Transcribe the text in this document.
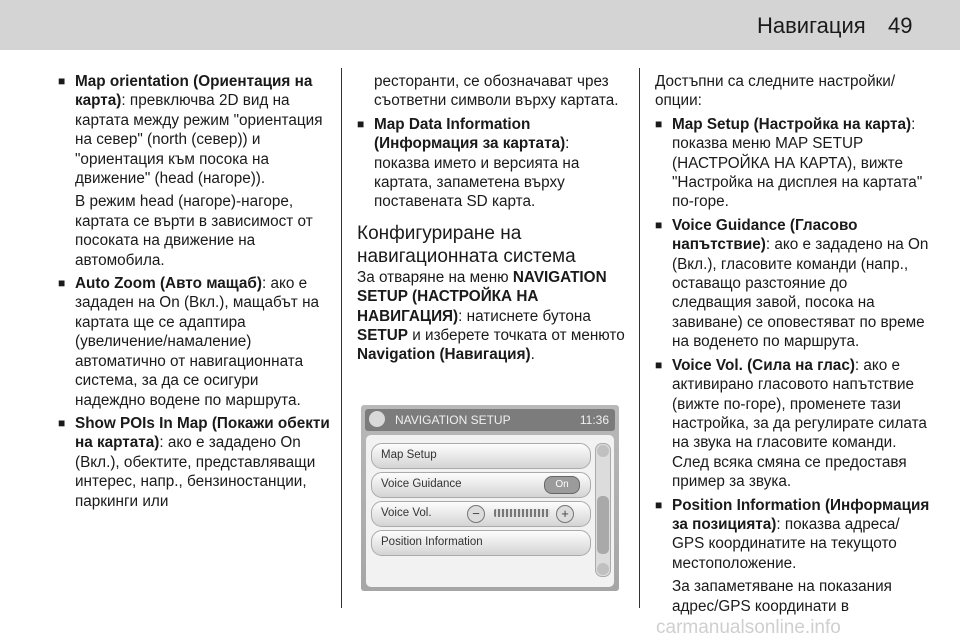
Навигация 49

■ Map orientation (Ориентация на карта): превключва 2D вид на картата между режим "ориентация на север" (north (север)) и "ориентация към посока на движение" (head (нагоре)).

В режим head (нагоре)-нагоре, картата се върти в зависимост от посоката на движение на автомобила.

■ Auto Zoom (Авто мащаб): ако е зададен на On (Вкл.), мащабът на картата ще се адаптира (увеличение/намаление) автоматично от навигационната система, за да се осигури надеждно водене по маршрута.

■ Show POIs In Map (Покажи обекти на картата): ако е зададено On (Вкл.), обектите, представляващи интерес, напр., бензиностанции, паркинги или

ресторанти, се обозначават чрез съответни символи върху картата.

■ Map Data Information (Информация за картата): показва името и версията на картата, запаметена върху поставената SD карта.

Конфигуриране на навигационната система

За отваряне на меню NAVIGATION SETUP (НАСТРОЙКА НА НАВИГАЦИЯ): натиснете бутона SETUP и изберете точката от менюто Navigation (Навигация).

NAVIGATION SETUP	11:36
Map Setup
Voice Guidance	On
Voice Vol.	−	+
Position Information

Достъпни са следните настройки/ опции:

■ Map Setup (Настройка на карта): показва меню MAP SETUP (НАСТРОЙКА НА КАРТА), вижте "Настройка на дисплея на картата" по-горе.

■ Voice Guidance (Гласово напътствие): ако е зададено на On (Вкл.), гласовите команди (напр., оставащо разстояние до следващия завой, посока на завиване) се оповестяват по време на воденето по маршрута.

■ Voice Vol. (Сила на глас): ако е активирано гласовото напътствие (вижте по-горе), променете тази настройка, за да регулирате силата на звука на гласовите команди. След всяка смяна се предоставя пример за звука.

■ Position Information (Информация за позицията): показва адреса/ GPS координатите на текущото местоположение.

За запаметяване на показания адрес/GPS координати в

carmanualsonline.info
